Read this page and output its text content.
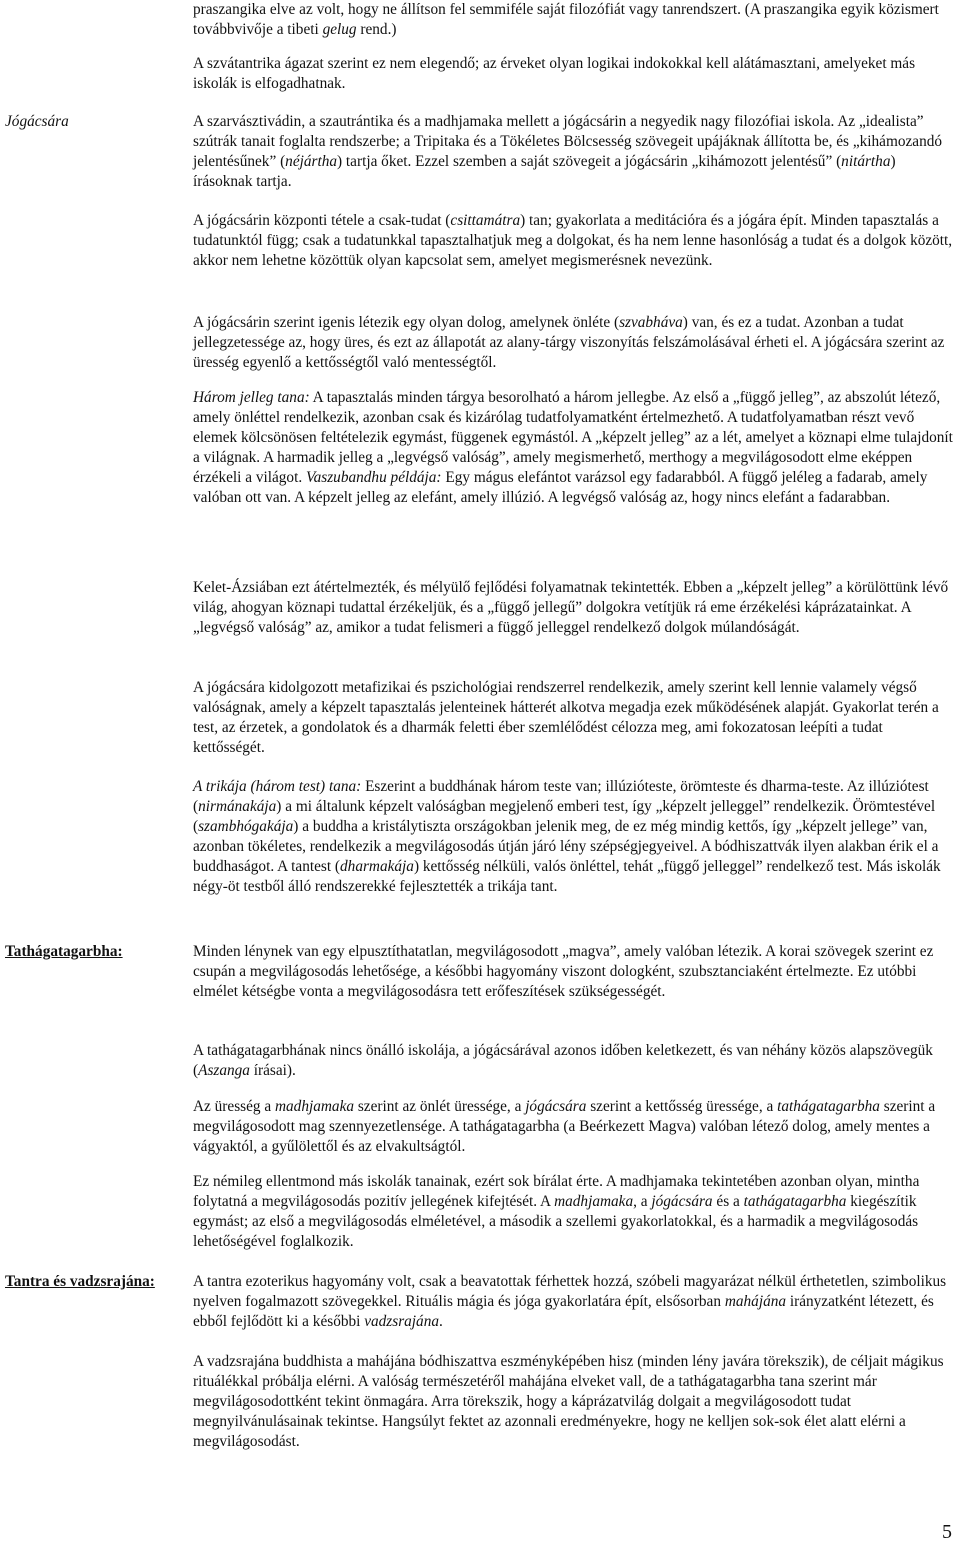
praszangika elve az volt, hogy ne állítson fel semmiféle saját filozófiát vagy tanrendszert. (A praszangika egyik közismert továbbvivője a tibeti gelug rend.)

A szvátantrika ágazat szerint ez nem elegendő; az érveket olyan logikai indokokkal kell alátámasztani, amelyeket más iskolák is elfogadhatnak.

Jógácsára	A szarvásztivádin, a szautrántika és a madhjamaka mellett a jógácsárin a negyedik nagy filozófiai iskola. Az „idealista” szútrák tanait foglalta rendszerbe; a Tripitaka és a Tökéletes Bölcsesség szövegeit upájáknak állította be, és „kihámozandó jelentésűnek” (néjártha) tartja őket. Ezzel szemben a saját szövegeit a jógácsárin „kihámozott jelentésű” (nitártha) írásoknak tartja.

A jógácsárin központi tétele a csak-tudat (csittamátra) tan; gyakorlata a meditációra és a jógára épít. Minden tapasztalás a tudatunktól függ; csak a tudatunkkal tapasztalhatjuk meg a dolgokat, és ha nem lenne hasonlóság a tudat és a dolgok között, akkor nem lehetne közöttük olyan kapcsolat sem, amelyet megismerésnek nevezünk.

A jógácsárin szerint igenis létezik egy olyan dolog, amelynek önléte (szvabháva) van, és ez a tudat. Azonban a tudat jellegzetessége az, hogy üres, és ezt az állapotát az alany-tárgy viszonyítás felszámolásával érheti el. A jógácsára szerint az üresség egyenlő a kettősségtől való mentességtől.

Három jelleg tana: A tapasztalás minden tárgya besorolható a három jellegbe. Az első a „függő jelleg”, az abszolút létező, amely önléttel rendelkezik, azonban csak és kizárólag tudatfolyamatként értelmezhető. A tudatfolyamatban részt vevő elemek kölcsönösen feltételezik egymást, függenek egymástól. A „képzelt jelleg” az a lét, amelyet a köznapi elme tulajdonít a világnak. A harmadik jelleg a „legvégső valóság”, amely megismerhető, merthogy a megvilágosodott elme eképpen érzékeli a világot. Vaszubandhu példája: Egy mágus elefántot varázsol egy fadarabból. A függő jeléleg a fadarab, amely valóban ott van. A képzelt jelleg az elefánt, amely illúzió. A legvégső valóság az, hogy nincs elefánt a fadarabban.

Kelet-Ázsiában ezt átértelmezték, és mélyülő fejlődési folyamatnak tekintették. Ebben a „képzelt jelleg” a körülöttünk lévő világ, ahogyan köznapi tudattal érzékeljük, és a „függő jellegű” dolgokra vetítjük rá eme érzékelési káprázatainkat. A „legvégső valóság” az, amikor a tudat felismeri a függő jelleggel rendelkező dolgok múlandóságát.

A jógácsára kidolgozott metafizikai és pszichológiai rendszerrel rendelkezik, amely szerint kell lennie valamely végső valóságnak, amely a képzelt tapasztalás jelenteinek hátterét alkotva megadja ezek működésének alapját. Gyakorlat terén a test, az érzetek, a gondolatok és a dharmák feletti éber szemlélődést célozza meg, ami fokozatosan leépíti a tudat kettősségét.

A trikája (három test) tana: Eszerint a buddhának három teste van; illúzióteste, örömteste és dharma-teste. Az illúziótest (nirmánakája) a mi általunk képzelt valóságban megjelenő emberi test, így „képzelt jelleggel” rendelkezik. Örömtestével (szambhógakája) a buddha a kristálytiszta országokban jelenik meg, de ez még mindig kettős, így „képzelt jellege” van, azonban tökéletes, rendelkezik a megvilágosodás útján járó lény szépségjegyeivel. A bódhiszattvák ilyen alakban érik el a buddhaságot. A tantest (dharmakája) kettősség nélküli, valós önléttel, tehát „függő jelleggel” rendelkező test. Más iskolák négy-öt testből álló rendszerekké fejlesztették a trikája tant.

Tathágatagarbha:	Minden lénynek van egy elpusztíthatatlan, megvilágosodott „magva”, amely valóban létezik. A korai szövegek szerint ez csupán a megvilágosodás lehetősége, a későbbi hagyomány viszont dologként, szubsztanciaként értelmezte. Ez utóbbi elmélet kétségbe vonta a megvilágosodásra tett erőfeszítések szükségességét.

A tathágatagarbhának nincs önálló iskolája, a jógácsárával azonos időben keletkezett, és van néhány közös alapszövegük (Aszanga írásai).

Az üresség a madhjamaka szerint az önlét üressége, a jógácsára szerint a kettősség üressége, a tathágatagarbha szerint a megvilágosodott mag szennyezetlensége. A tathágatagarbha (a Beérkezett Magva) valóban létező dolog, amely mentes a vágyaktól, a gyűlölettől és az elvakultságtól.

Ez némileg ellentmond más iskolák tanainak, ezért sok bírálat érte. A madhjamaka tekintetében azonban olyan, mintha folytatná a megvilágosodás pozitív jellegének kifejtését. A madhjamaka, a jógácsára és a tathágatagarbha kiegészítik egymást; az első a megvilágosodás elméletével, a második a szellemi gyakorlatokkal, és a harmadik a megvilágosodás lehetőségével foglalkozik.

Tantra és vadzsrajána: A tantra ezoterikus hagyomány volt, csak a beavatottak férhettek hozzá, szóbeli magyarázat nélkül érthetetlen, szimbolikus nyelven fogalmazott szövegekkel. Rituális mágia és jóga gyakorlatára épít, elsősorban mahájána irányzatként létezett, és ebből fejlődött ki a későbbi vadzsrajána.

A vadzsrajána buddhista a mahájána bódhiszattva eszményképében hisz (minden lény javára törekszik), de céljait mágikus rituálékkal próbálja elérni. A valóság természetéről mahájána elveket vall, de a tathágatagarbha tana szerint már megvilágosodottként tekint önmagára. Arra törekszik, hogy a káprázatvilág dolgait a megvilágosodott tudat megnyilvánulásainak tekintse. Hangsúlyt fektet az azonnali eredményekre, hogy ne kelljen sok-sok élet alatt elérni a megvilágosodást.

5
